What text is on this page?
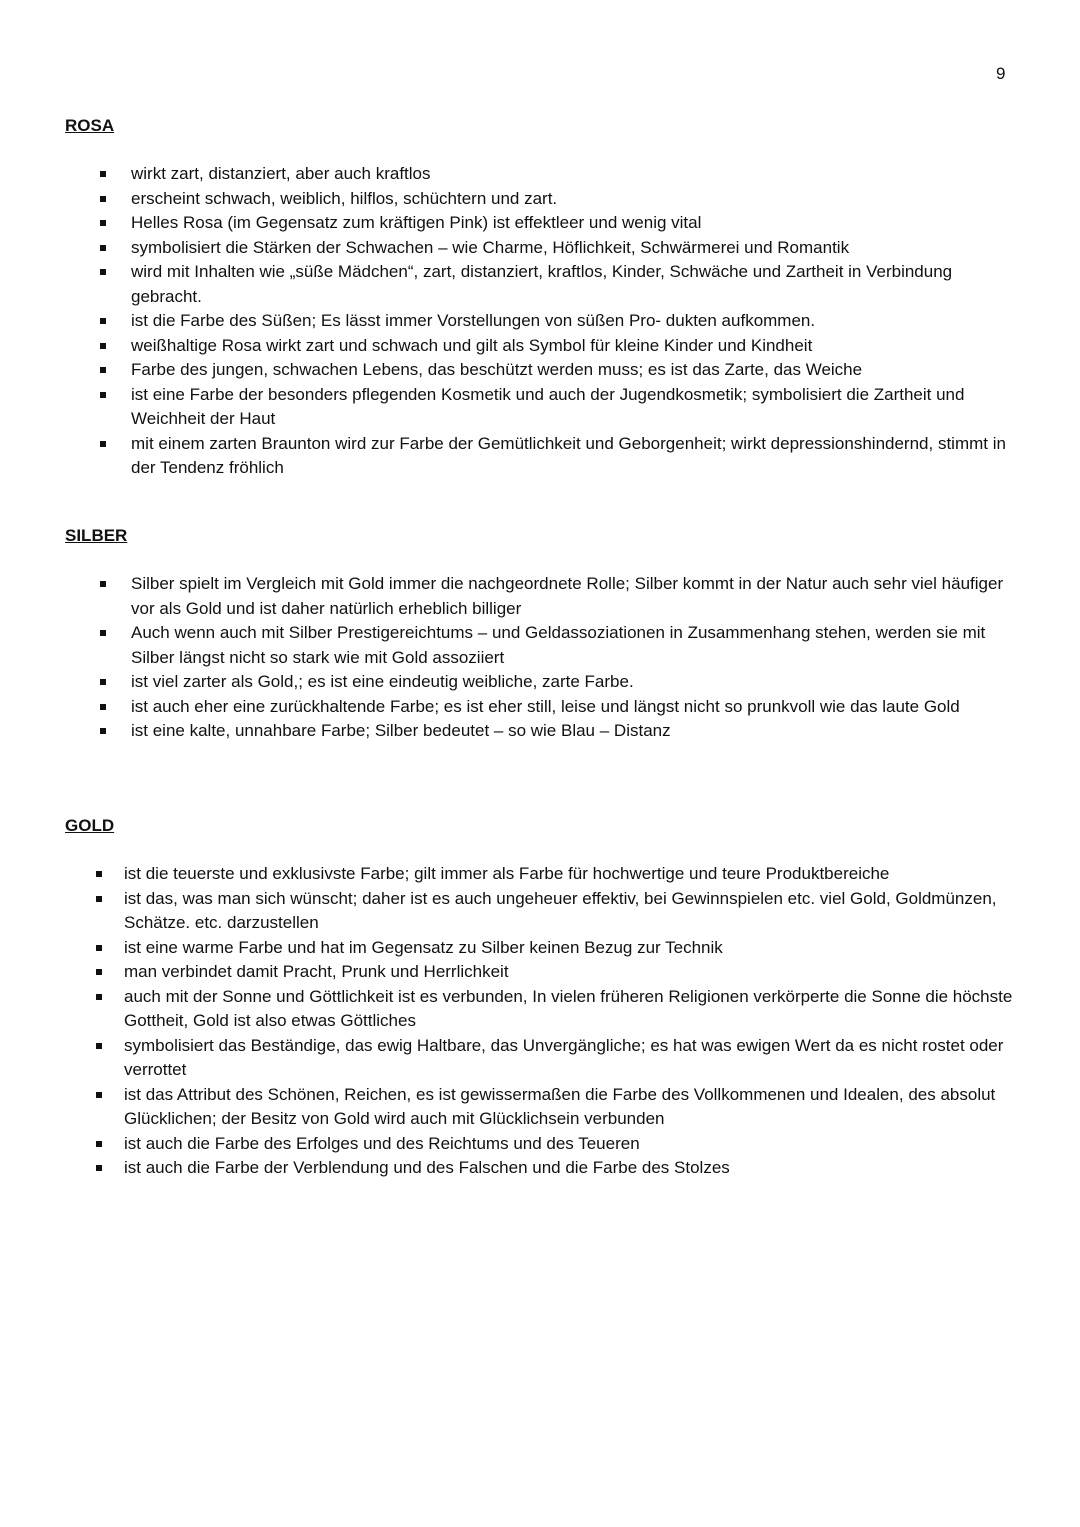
9
ROSA
wirkt zart, distanziert, aber auch kraftlos
erscheint schwach, weiblich, hilflos, schüchtern und zart.
Helles Rosa (im Gegensatz zum kräftigen Pink) ist effektleer und wenig vital
symbolisiert die Stärken der Schwachen – wie Charme, Höflichkeit, Schwärmerei und Romantik
wird mit Inhalten wie „süße Mädchen“, zart, distanziert, kraftlos, Kinder, Schwäche und Zartheit in Verbindung gebracht.
ist die Farbe des Süßen; Es lässt immer Vorstellungen von süßen Pro- dukten aufkommen.
weißhaltige Rosa wirkt zart und schwach und gilt als Symbol für kleine Kinder und Kindheit
Farbe des jungen, schwachen Lebens, das beschützt werden muss; es ist das Zarte, das Weiche
ist eine Farbe der besonders pflegenden Kosmetik und auch der Jugendkosmetik; symbolisiert die Zartheit und Weichheit der Haut
mit einem zarten Braunton wird zur Farbe der Gemütlichkeit und Geborgenheit; wirkt depressionshindernd, stimmt in der Tendenz fröhlich
SILBER
Silber spielt im Vergleich mit Gold immer die nachgeordnete Rolle; Silber kommt in der Natur auch sehr viel häufiger vor als Gold und ist daher natürlich erheblich billiger
Auch wenn auch mit Silber Prestigereichtums – und Geldassoziationen in Zusammenhang stehen, werden sie mit Silber längst nicht so stark wie mit Gold assoziiert
ist viel zarter als Gold,; es ist eine eindeutig weibliche, zarte Farbe.
ist auch eher eine zurückhaltende Farbe; es ist eher still, leise und längst nicht so prunkvoll wie das laute Gold
ist eine kalte, unnahbare Farbe; Silber bedeutet – so wie Blau – Distanz
GOLD
ist die teuerste und exklusivste Farbe; gilt immer als Farbe für hochwertige und teure Produktbereiche
ist das, was man sich wünscht; daher ist es auch ungeheuer effektiv, bei Gewinnspielen etc. viel Gold, Goldmünzen, Schätze. etc. darzustellen
ist eine warme Farbe und hat im Gegensatz zu Silber keinen Bezug zur Technik
man verbindet damit Pracht, Prunk und Herrlichkeit
auch mit der Sonne und Göttlichkeit ist es verbunden, In vielen früheren Religionen verkörperte die Sonne die höchste Gottheit, Gold ist also etwas Göttliches
symbolisiert das Beständige, das ewig Haltbare, das Unvergängliche; es hat was ewigen Wert da es nicht rostet oder verrottet
ist das Attribut des Schönen, Reichen, es ist gewissermaßen die Farbe des Vollkommenen und Idealen, des absolut Glücklichen; der Besitz von Gold wird auch mit Glücklichsein verbunden
ist auch die Farbe des Erfolges und des Reichtums und des Teueren
ist auch die Farbe der Verblendung und des Falschen und die Farbe des Stolzes
